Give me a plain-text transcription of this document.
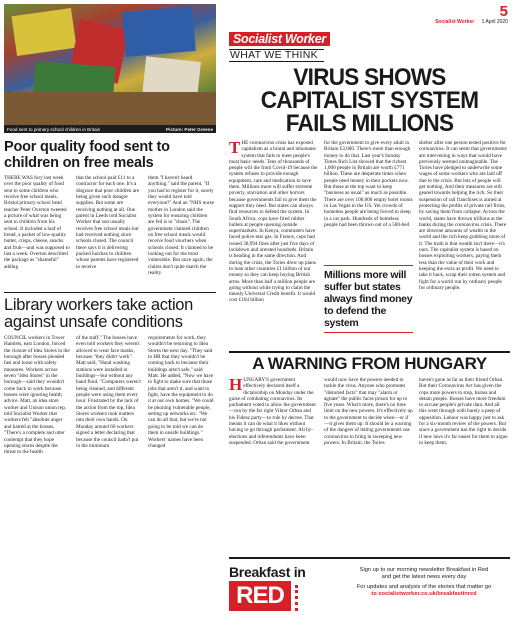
5
Socialist Worker 1 April 2020
Food sent to primary school children in Britain	Picture: Peter Greene
Poor quality food sent to children on free meals

THERE WAS fury last week over the poor quality of food sent to some children who receive free school meals. Bristol primary school head teacher Peter Overton tweeted a picture of what was being sent to children from his school. It included a loaf of bread, a packet of low-quality butter, crisps, cheese, snacks and fruit—and was supposed to last a week. Overton described the package as "shameful" adding

that the school paid £11 to a contractor for each one. It's a disgrace that poor children are being given such meagre supplies. But some are receiving nothing at all. One parent in Leeds told Socialist Worker that son usually receives free school meals but had received nothing since schools closed. The council there says it is delivering packed lunches to children whose parents have registered to receive

them."I haven't heard anything," said the parent. "If you had to register for it, surely they would have told everyone?" And an "NHS nurse mother in London said the system for ensuring children are fed is in "chaos". The government claimed children on free school meals would receive food vouchers when schools closed. It claimed to be looking out for the most vulnerable. But once again, the claims don't quite match the reality.

Library workers take action against unsafe conditions

COUNCIL workers in Tower Hamlets, east London, forced the closure of Idea Stores in the borough after bosses pleaded fast and loose with safety measures. Workers across seven "Idea Stores" in the borough—said they wouldn't come back to work because bosses were ignoring health advice. Matt, an idea store worker and Unison union rep, told Socialist Worker that workers felt "absolute anger and hatred at the bosses. "There's a complete and utter contempt that they hope opening stores despite the threat to the health

of the staff." The bosses have even told workers they weren't allowed to wear face masks, because "they didn't work". Matt said, "Hand washing stations were installed in buildings—but without any hand fluid. "Computers weren't being cleaned, and different people were using them every hour. Frustrated by the lack of the action from the top, Idea Stores workers took matters into their own hands. On Monday around 60 workers signed a letter declaring that because the council hadn't put in the minimum

requirements for work, they wouldn't be returning to Idea Stores the next day. "They said to HR that they wouldn't be coming back to because their buildings aren't safe," said Matt. He added, "Now we have to fight to make sure that those jobs that aren't it, and want to fight, have the equipment to do it at our own homes. "We could be phoning vulnerable people, setting up networks etc. "We can do all that, but we're not going to be told we can do them in unsafe buildings." Workers' names have been changed

Socialist Worker
WHAT WE THINK
VIRUS SHOWS CAPITALIST SYSTEM FAILS MILLIONS
T HE coronavirus crisis has exposed capitalism as a brutal and inhumane system that fails to meet people's most basic needs. Tens of thousands of people will die from Covid-19 because the system refuses to provide enough equipment, care and medication to save them. Millions more will suffer extreme poverty, starvation and other horrors because governments fail to give them the support they need. But states can always find resources to defend the system. In South Africa, cops have fired rubber bullets at people queuing outside supermarkets. In Kenya, commuters have faced police tear gas. In France, cops had issued 38,994 fines after just five days of lockdown and arrested hundreds. Britain is heading in the same direction. And during the crisis, the Tories drew up plans to loan other countries £1 billion of our money so they can keep buying British arms. More than half a million people are going without while trying to claim the measly Universal Credit benefit. It would cost £104 billion
for the government to give every adult in Britain £3,600. There's more than enough money to do that. Last year's Sunday Times Rich List showed that the richest 1,000 people in Britain are worth £771 billion. These are desperate times when people need money in their pockets now. But those at the top want to keep "business as usual" as much as possible. There are over 100,000 empty hotel rooms in Las Vegas in the US. Yet crowds of homeless people are being forced to sleep in a car park. Hundreds of homeless people had been thrown out of a 500-bed
Millions more will suffer but states always find money to defend the system
shelter after one person tested positive for coronavirus. It can seem that governments are intervening in ways that would have previously seemed unimaginable. The Tories have pledged to underwrite some wages of some workers who are laid off due to the crisis. But lots of people will get nothing. And their measures are still geared towards helping the rich. So their suspension of rail franchises is aimed at protecting the profits of private rail firms, by saving them from collapse. Across the world, states have thrown trillions at the banks during the coronavirus crisis. There are obscene amounts of wealth in the world and the rich keep grabbing more of it. The truth is that wealth isn't there—it's ours. The capitalist system is based on bosses exploiting workers, paying them less than the value of their work and keeping the extra as profit. We need to take it back, scrap their rotten system and fight for a world run by ordinary people for ordinary people.
A WARNING FROM HUNGARY
H UNGARY'S government effectively declared itself a dictatorship on Monday under the guise of combating coronavirus. Its parliament voted to allow the government—run by the far right Viktor Orban and his Fidesz party—to rule by decree. That means it can do what it likes without having to go through parliament. All by-elections and referendums have been suspended. Orban said the government
would now have the powers needed to tackle the virus. Anyone who promotes "distorted facts" that may "alarm or agitate" the public faces prison for up to five years. What's more, there's no time limit on the new powers. It's effectively up to the government to decide when—or if—it gives them up. It should be a warning of the dangers of letting governments use coronavirus to bring in sweeping new powers. In Britain, the Tories
haven't gone as far as their friend Orban. But their Coronavirus Act has given the cops more powers to stop, harass and detain people. Bosses have more freedom to accuse people's private data. And all this went through with barely a peep of opposition. Labour was happy just to ask for a six-month review of the powers. But since a government has the right to decide if new laws it's far easier for them to argue to keep them.
Breakfast in
RED
Sign up to our morning newsletter Breakfast in Red
and get the latest news every day
For updates and analysis of the stories that matter go
to socialistworker.co.uk/breakfastinred
